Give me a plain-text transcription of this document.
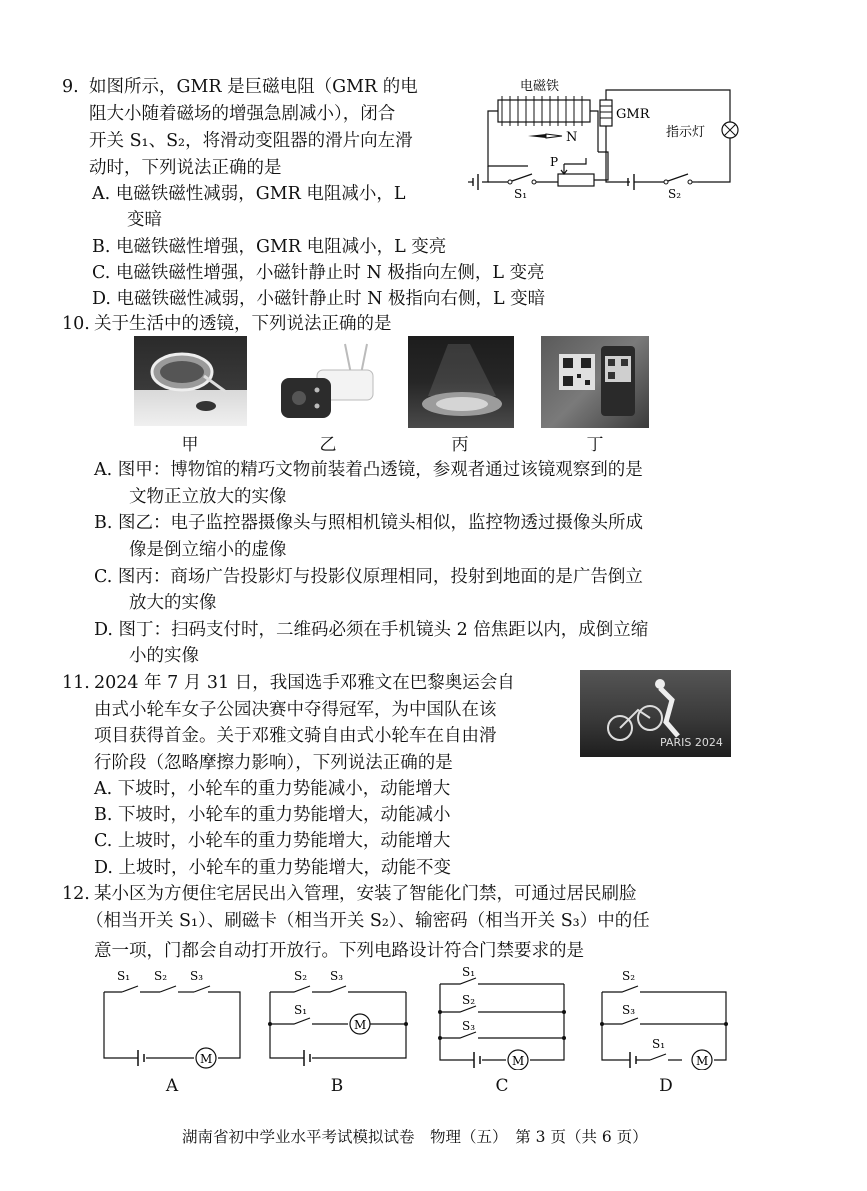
9. 如图所示，GMR 是巨磁电阻（GMR 的电
阻大小随着磁场的增强急剧减小），闭合
开关 S₁、S₂，将滑动变阻器的滑片向左滑
动时，下列说法正确的是
A. 电磁铁磁性减弱，GMR 电阻减小，L
　　变暗
B. 电磁铁磁性增强，GMR 电阻减小，L 变亮
C. 电磁铁磁性增强，小磁针静止时 N 极指向左侧，L 变亮
D. 电磁铁磁性减弱，小磁针静止时 N 极指向右侧，L 变暗
电磁铁
N
S₁
P
GMR
指示灯
S₂
10. 关于生活中的透镜，下列说法正确的是
甲	乙	丙	丁
A. 图甲：博物馆的精巧文物前装着凸透镜，参观者通过该镜观察到的是
　　文物正立放大的实像
B. 图乙：电子监控器摄像头与照相机镜头相似，监控物透过摄像头所成
　　像是倒立缩小的虚像
C. 图丙：商场广告投影灯与投影仪原理相同，投射到地面的是广告倒立
　　放大的实像
D. 图丁：扫码支付时，二维码必须在手机镜头 2 倍焦距以内，成倒立缩
　　小的实像
11. 2024 年 7 月 31 日，我国选手邓雅文在巴黎奥运会自
由式小轮车女子公园决赛中夺得冠军，为中国队在该
项目获得首金。关于邓雅文骑自由式小轮车在自由滑
行阶段（忽略摩擦力影响），下列说法正确的是
PARIS 2024
A. 下坡时，小轮车的重力势能减小，动能增大
B. 下坡时，小轮车的重力势能增大，动能减小
C. 上坡时，小轮车的重力势能增大，动能增大
D. 上坡时，小轮车的重力势能增大，动能不变
12. 某小区为方便住宅居民出入管理，安装了智能化门禁，可通过居民刷脸
（相当开关 S₁）、刷磁卡（相当开关 S₂）、输密码（相当开关 S₃）中的任
意一项，门都会自动打开放行。下列电路设计符合门禁要求的是
S₁ S₂ S₃
M
A
S₂ S₃
S₁
M
B
S₁
S₂
S₃
M
C
S₂
S₃
S₁
M
D
湖南省初中学业水平考试模拟试卷　物理（五）　第 3 页（共 6 页）
